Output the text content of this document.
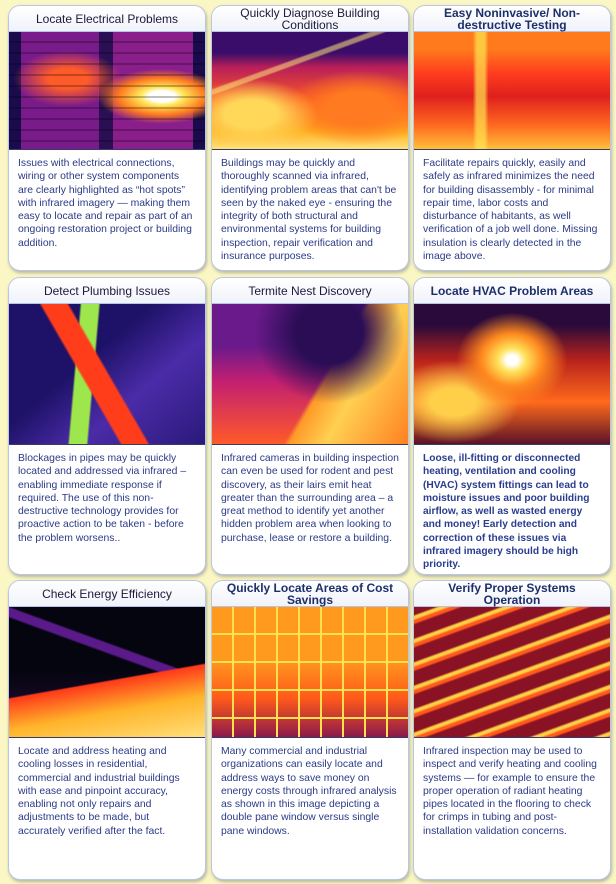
Locate Electrical Problems
Issues with electrical connections, wiring or other system components are clearly highlighted as “hot spots” with infrared imagery — making them easy to locate and repair as part of an ongoing restoration project or building addition.
Quickly Diagnose Building Conditions
Buildings may be quickly and thoroughly scanned via infrared, identifying problem areas that can't be seen by the naked eye - ensuring the integrity of both structural and environmental systems for building inspection, repair verification and insurance purposes.
Easy Noninvasive/ Non-destructive Testing
Facilitate repairs quickly, easily and safely as infrared minimizes the need for building disassembly - for minimal repair time, labor costs and disturbance of habitants, as well verification of a job well done. Missing insulation is clearly detected in the image above.
Detect Plumbing Issues
Blockages in pipes may be quickly located and addressed via infrared – enabling immediate response if required. The use of this non-destructive technology provides for proactive action to be taken - before the problem worsens..
Termite Nest Discovery
Infrared cameras in building inspection can even be used for rodent and pest discovery, as their lairs emit heat greater than the surrounding area – a great method to identify yet another hidden problem area when looking to purchase, lease or restore a building.
Locate HVAC Problem Areas
Loose, ill-fitting or disconnected heating, ventilation and cooling (HVAC) system fittings can lead to moisture issues and poor building airflow, as well as wasted energy and money! Early detection and correction of these issues via infrared imagery should be high priority.
Check Energy Efficiency
Locate and address heating and cooling losses in residential, commercial and industrial buildings with ease and pinpoint accuracy, enabling not only repairs and adjustments to be made, but accurately verified after the fact.
Quickly Locate Areas of Cost Savings
Many commercial and industrial organizations can easily locate and address ways to save money on energy costs through infrared analysis as shown in this image depicting a double pane window versus single pane windows.
Verify Proper Systems Operation
Infrared inspection may be used to inspect and verify heating and cooling systems — for example to ensure the proper operation of radiant heating pipes located in the flooring to check for crimps in tubing and post-installation validation concerns.
